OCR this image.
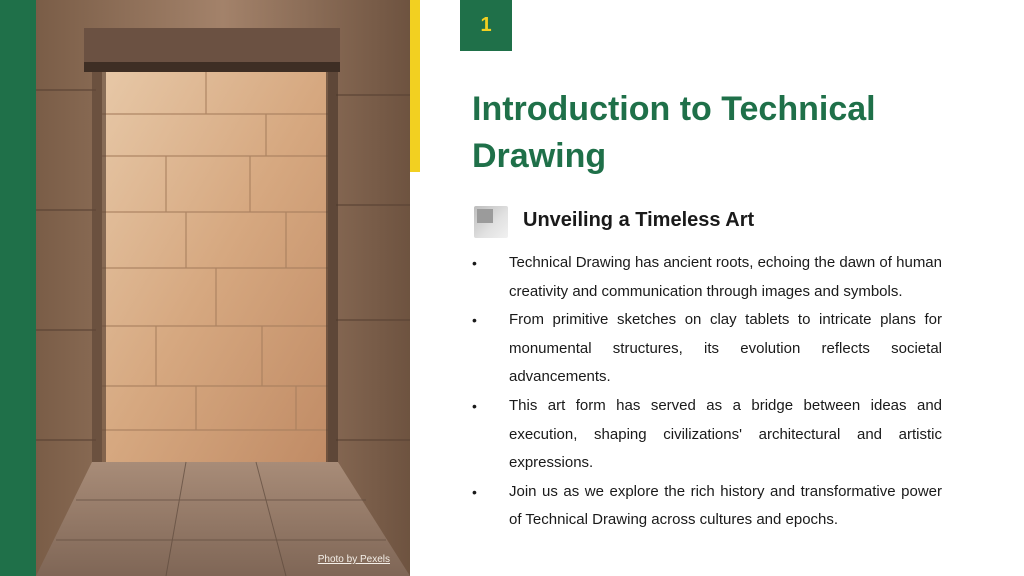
Photo by Pexels
1
Introduction to Technical Drawing
Unveiling a Timeless Art
• Technical Drawing has ancient roots, echoing the dawn of human creativity and communication through images and symbols.
• From primitive sketches on clay tablets to intricate plans for monumental structures, its evolution reflects societal advancements.
• This art form has served as a bridge between ideas and execution, shaping civilizations' architectural and artistic expressions.
• Join us as we explore the rich history and transformative power of Technical Drawing across cultures and epochs.
